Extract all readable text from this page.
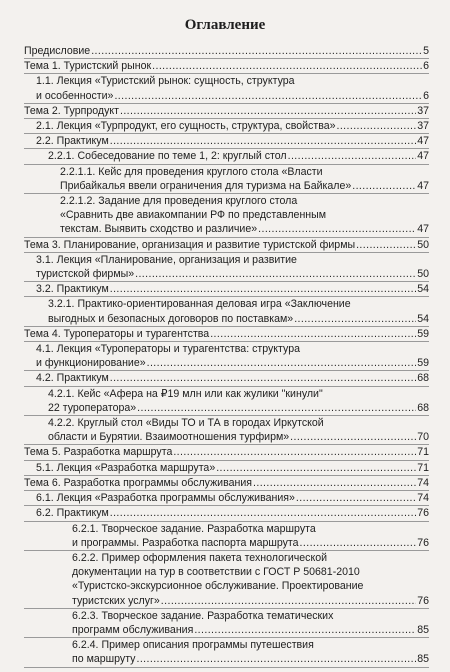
Оглавление
Предисловие .....	5
Тема 1. Туристский рынок .....	6
1.1. Лекция «Туристский рынок: сущность, структура
и особенности» .....	6
Тема 2. Турпродукт .....	37
2.1. Лекция «Турпродукт, его сущность, структура, свойства» .....	37
2.2. Практикум .....	47
2.2.1. Собеседование по теме 1, 2: круглый стол .....	47
2.2.1.1. Кейс для проведения круглого стола «Власти
Прибайкалья ввели ограничения для туризма на Байкале» .....	47
2.2.1.2. Задание для проведения круглого стола
«Сравнить две авиакомпании РФ по представленным
текстам. Выявить сходство и различие» .....	47
Тема 3. Планирование, организация и развитие туристской фирмы .....	50
3.1. Лекция «Планирование, организация и развитие
туристской фирмы» .....	50
3.2. Практикум .....	54
3.2.1. Практико-ориентированная деловая игра «Заключение
выгодных и безопасных договоров по поставкам» .....	54
Тема 4. Туроператоры и турагентства .....	59
4.1. Лекция «Туроператоры и турагентства: структура
и функционирование» .....	59
4.2. Практикум .....	68
4.2.1. Кейс «Афера на ₽19 млн или как жулики "кинули"
22 туроператора» .....	68
4.2.2. Круглый стол «Виды ТО и ТА в городах Иркутской
области и Бурятии. Взаимоотношения турфирм» .....	70
Тема 5. Разработка маршрута .....	71
5.1. Лекция «Разработка маршрута» .....	71
Тема 6. Разработка программы обслуживания .....	74
6.1. Лекция «Разработка программы обслуживания» .....	74
6.2. Практикум .....	76
6.2.1. Творческое задание. Разработка маршрута
и программы. Разработка паспорта маршрута .....	76
6.2.2. Пример оформления пакета технологической
документации на тур в соответствии с ГОСТ Р 50681-2010
«Туристско-экскурсионное обслуживание. Проектирование
туристских услуг» .....	76
6.2.3. Творческое задание. Разработка тематических
программ обслуживания .....	85
6.2.4. Пример описания программы путешествия
по маршруту .....	85
